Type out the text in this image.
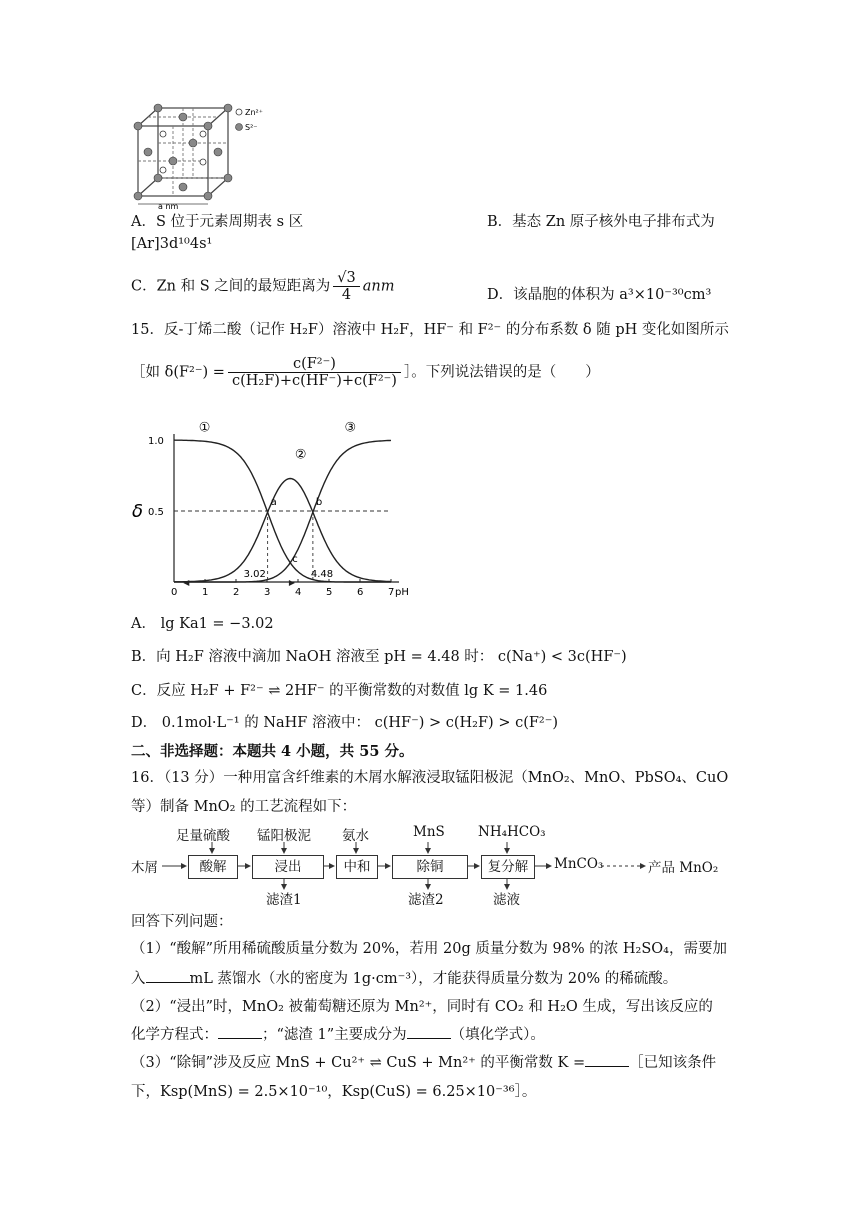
a nm
Zn²⁺
S²⁻
A．S 位于元素周期表 s 区	B．基态 Zn 原子核外电子排布式为
[Ar]3d¹⁰4s¹
C．Zn 和 S 之间的最短距离为 $\frac{√3}{4}$ anm
D．该晶胞的体积为 a³×10⁻³⁰cm³
15．反-丁烯二酸（记作 H₂F）溶液中 H₂F，HF⁻ 和 F²⁻ 的分布系数 δ 随 pH 变化如图所示
［如 $\delta(F^{2-}) = \frac{\text{c(F²⁻)}}{\text{c(H₂F)+c(HF⁻)+c(F²⁻)}}$ ］。下列说法错误的是（　　）
0 1 2 3 4 5 6 7 pH
1.0
0.5
δ
3.02	4.48
①
②
③
a	b
c
A． lg Ka1 = −3.02
B．向 H₂F 溶液中滴加 NaOH 溶液至 pH = 4.48 时： c(Na⁺) < 3c(HF⁻)
C．反应 H₂F + F²⁻ ⇌ 2HF⁻ 的平衡常数的对数值 lg K = 1.46
D． 0.1mol·L⁻¹ 的 NaHF 溶液中： c(HF⁻) > c(H₂F) > c(F²⁻)
二、非选择题：本题共 4 小题，共 55 分。
16．（13 分）一种用富含纤维素的木屑水解液浸取锰阳极泥（MnO₂、MnO、PbSO₄、CuO
等）制备 MnO₂ 的工艺流程如下：
足量硫酸 锰阳极泥 氨水	MnS NH₄HCO₃
木屑	酸解	浸出	中和	除铜	复分解	MnCO₃	产品 MnO₂
滤渣1	滤渣2	滤液
回答下列问题：
（1）“酸解”所用稀硫酸质量分数为 20%，若用 20g 质量分数为 98% 的浓 H₂SO₄，需要加
入	mL 蒸馏水（水的密度为 1g·cm⁻³），才能获得质量分数为 20% 的稀硫酸。
（2）“浸出”时，MnO₂ 被葡萄糖还原为 Mn²⁺，同时有 CO₂ 和 H₂O 生成，写出该反应的
化学方程式：	；“滤渣 1”主要成分为	（填化学式）。
（3）“除铜”涉及反应 MnS + Cu²⁺ ⇌ CuS + Mn²⁺ 的平衡常数 K =	［已知该条件
下，Ksp(MnS) = 2.5×10⁻¹⁰，Ksp(CuS) = 6.25×10⁻³⁶］。
